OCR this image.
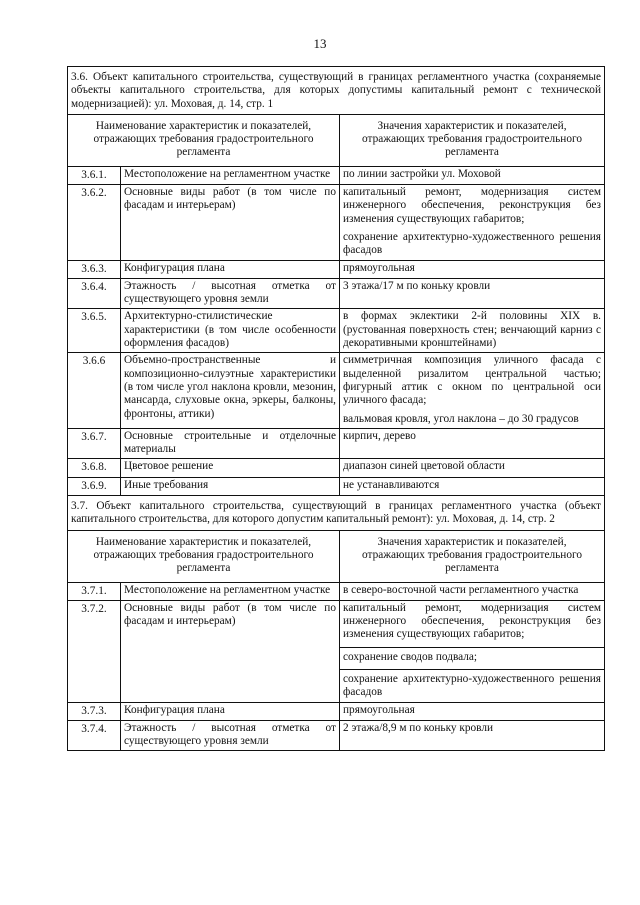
13
3.6. Объект капитального строительства, существующий в границах регламентного участка (сохраняемые объекты капитального строительства, для которых допустимы капитальный ремонт с технической модернизацией): ул. Моховая, д. 14, стр. 1		
Наименование характеристик и показателей, отражающих требования градостроительного регламента		Значения характеристик и показателей, отражающих требования градостроительного регламента
3.6.1.	Местоположение на регламентном участке	по линии застройки ул. Моховой

3.6.2.	Основные виды работ (в том числе по фасадам и интерьерам)	капитальный ремонт, модернизация систем инженерного обеспечения, реконструкция без изменения существующих габаритов;
сохранение архитектурно-художественного решения фасадов

3.6.3.	Конфигурация плана	прямоугольная

3.6.4.	Этажность / высотная отметка от существующего уровня земли	3 этажа/17 м по коньку кровли

3.6.5.	Архитектурно-стилистические характеристики (в том числе особенности оформления фасадов)	в формах эклектики 2-й половины XIX в. (рустованная поверхность стен; венчающий карниз с декоративными кронштейнами)

3.6.6	Объемно-пространственные и композиционно-силуэтные характеристики (в том числе угол наклона кровли, мезонин, мансарда, слуховые окна, эркеры, балконы, фронтоны, аттики)	симметричная композиция уличного фасада с выделенной ризалитом центральной частью; фигурный аттик с окном по центральной оси уличного фасада;
вальмовая кровля, угол наклона – до 30 градусов

3.6.7.	Основные строительные и отделочные материалы	кирпич, дерево

3.6.8.	Цветовое решение	диапазон синей цветовой области

3.6.9.	Иные требования	не устанавливаются

3.7. Объект капитального строительства, существующий в границах регламентного участка (объект капитального строительства, для которого допустим капитальный ремонт): ул. Моховая, д. 14, стр. 2		
Наименование характеристик и показателей, отражающих требования градостроительного регламента		Значения характеристик и показателей, отражающих требования градостроительного регламента
3.7.1.	Местоположение на регламентном участке	в северо-восточной части регламентного участка

3.7.2.	Основные виды работ (в том числе по фасадам и интерьерам)	капитальный ремонт, модернизация систем инженерного обеспечения, реконструкция без изменения существующих габаритов;
сохранение сводов подвала;
сохранение архитектурно-художественного решения фасадов

3.7.3.	Конфигурация плана	прямоугольная

3.7.4.	Этажность / высотная отметка от существующего уровня земли	2 этажа/8,9 м по коньку кровли
